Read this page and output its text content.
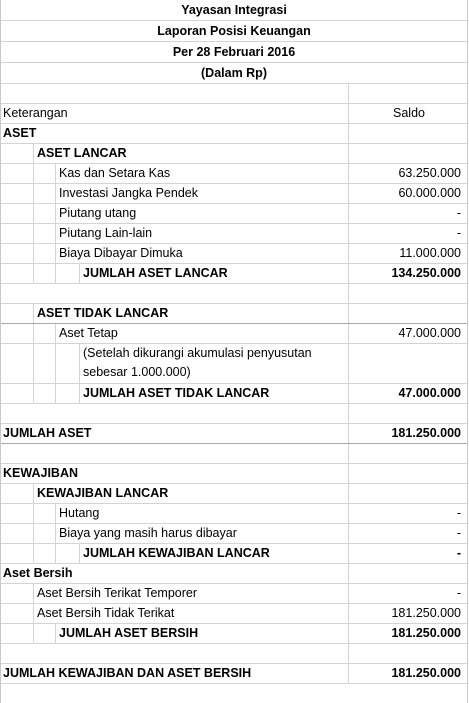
Yayasan Integrasi
Laporan Posisi Keuangan
Per 28 Februari 2016
(Dalam Rp)
Keterangan	Saldo
ASET
ASET LANCAR
Kas dan Setara Kas	63.250.000
Investasi Jangka Pendek	60.000.000
Piutang utang	-
Piutang Lain-lain	-
Biaya Dibayar Dimuka	11.000.000
JUMLAH ASET LANCAR	134.250.000
ASET TIDAK LANCAR
Aset Tetap	47.000.000
(Setelah dikurangi akumulasi penyusutan sebesar 1.000.000)
JUMLAH ASET TIDAK LANCAR	47.000.000
JUMLAH ASET	181.250.000
KEWAJIBAN
KEWAJIBAN LANCAR
Hutang	-
Biaya yang masih harus dibayar	-
JUMLAH KEWAJIBAN LANCAR	-
Aset Bersih
Aset Bersih Terikat Temporer	-
Aset Bersih Tidak Terikat	181.250.000
JUMLAH ASET BERSIH	181.250.000
JUMLAH KEWAJIBAN DAN ASET BERSIH	181.250.000
